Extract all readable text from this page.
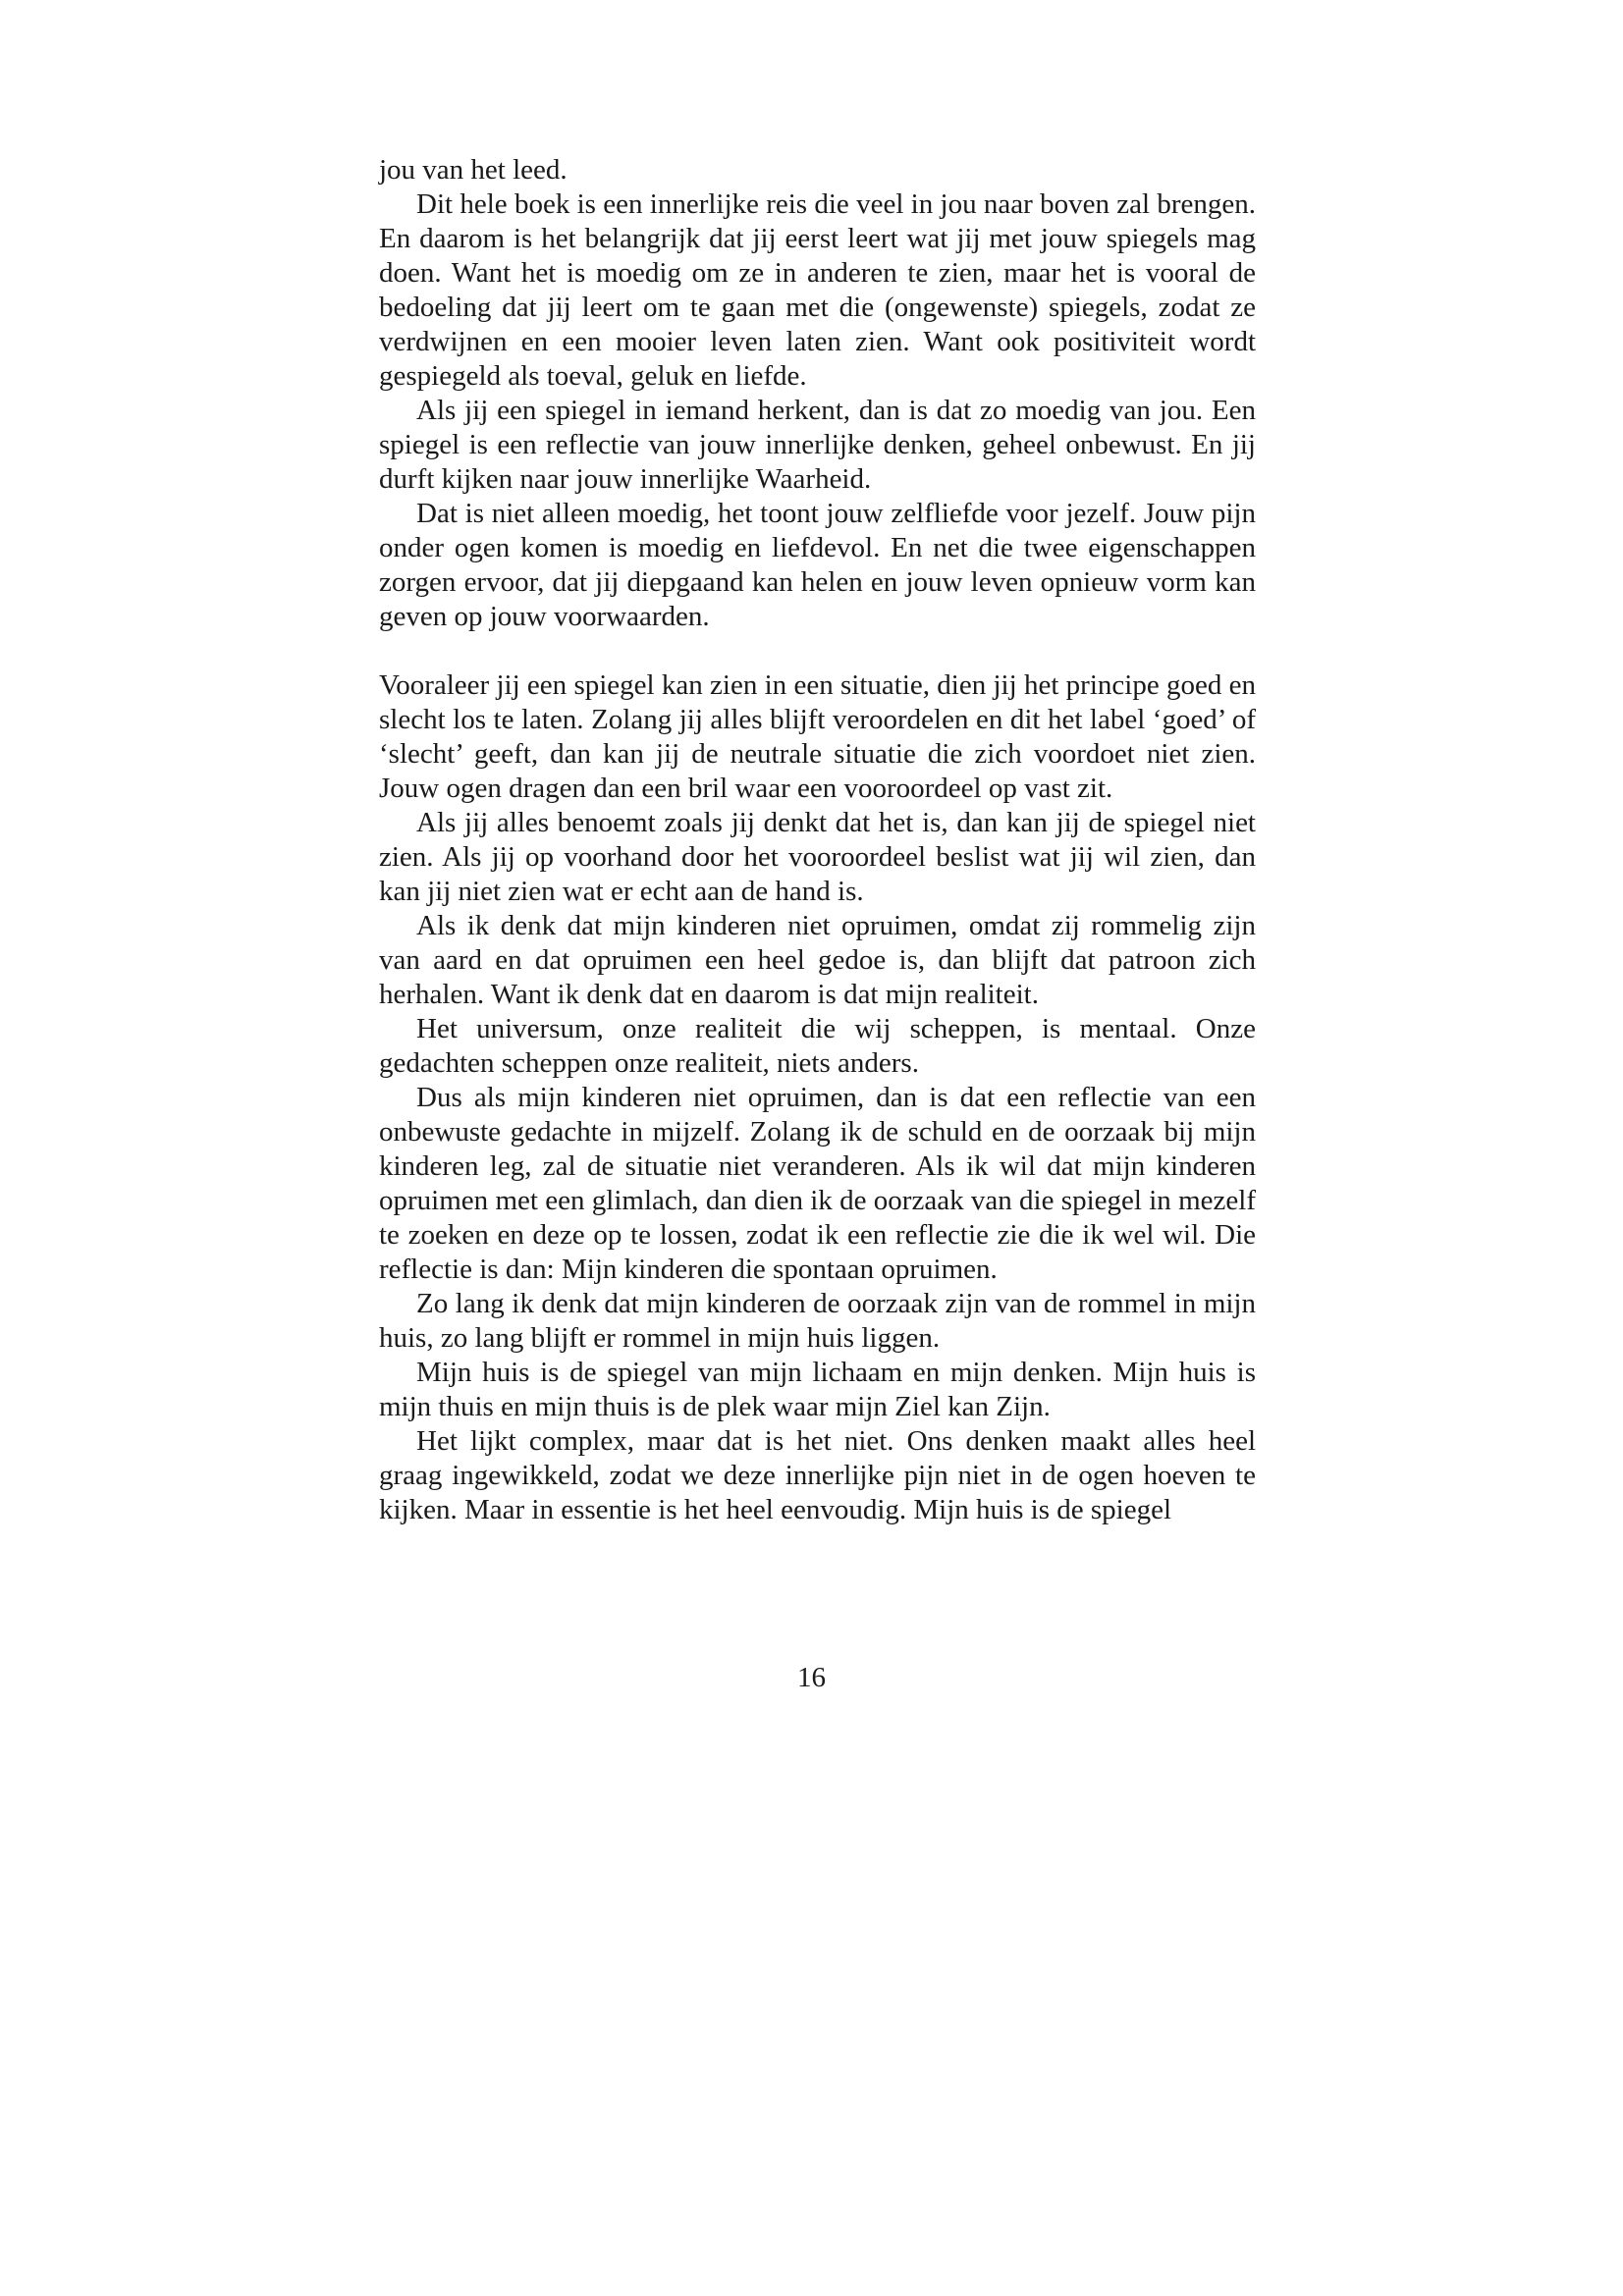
jou van het leed.

Dit hele boek is een innerlijke reis die veel in jou naar boven zal brengen. En daarom is het belangrijk dat jij eerst leert wat jij met jouw spiegels mag doen. Want het is moedig om ze in anderen te zien, maar het is vooral de bedoeling dat jij leert om te gaan met die (ongewenste) spiegels, zodat ze verdwijnen en een mooier leven laten zien. Want ook positiviteit wordt gespiegeld als toeval, geluk en liefde.

Als jij een spiegel in iemand herkent, dan is dat zo moedig van jou. Een spiegel is een reflectie van jouw innerlijke denken, geheel onbewust. En jij durft kijken naar jouw innerlijke Waarheid.

Dat is niet alleen moedig, het toont jouw zelfliefde voor jezelf. Jouw pijn onder ogen komen is moedig en liefdevol. En net die twee eigenschappen zorgen ervoor, dat jij diepgaand kan helen en jouw leven opnieuw vorm kan geven op jouw voorwaarden.

Vooraleer jij een spiegel kan zien in een situatie, dien jij het principe goed en slecht los te laten. Zolang jij alles blijft veroordelen en dit het label ‘goed’ of ‘slecht’ geeft, dan kan jij de neutrale situatie die zich voordoet niet zien. Jouw ogen dragen dan een bril waar een vooroordeel op vast zit.

Als jij alles benoemt zoals jij denkt dat het is, dan kan jij de spiegel niet zien. Als jij op voorhand door het vooroordeel beslist wat jij wil zien, dan kan jij niet zien wat er echt aan de hand is.

Als ik denk dat mijn kinderen niet opruimen, omdat zij rommelig zijn van aard en dat opruimen een heel gedoe is, dan blijft dat patroon zich herhalen. Want ik denk dat en daarom is dat mijn realiteit.

Het universum, onze realiteit die wij scheppen, is mentaal. Onze gedachten scheppen onze realiteit, niets anders.

Dus als mijn kinderen niet opruimen, dan is dat een reflectie van een onbewuste gedachte in mijzelf. Zolang ik de schuld en de oorzaak bij mijn kinderen leg, zal de situatie niet veranderen. Als ik wil dat mijn kinderen opruimen met een glimlach, dan dien ik de oorzaak van die spiegel in mezelf te zoeken en deze op te lossen, zodat ik een reflectie zie die ik wel wil. Die reflectie is dan: Mijn kinderen die spontaan opruimen.

Zo lang ik denk dat mijn kinderen de oorzaak zijn van de rommel in mijn huis, zo lang blijft er rommel in mijn huis liggen.

Mijn huis is de spiegel van mijn lichaam en mijn denken. Mijn huis is mijn thuis en mijn thuis is de plek waar mijn Ziel kan Zijn.

Het lijkt complex, maar dat is het niet. Ons denken maakt alles heel graag ingewikkeld, zodat we deze innerlijke pijn niet in de ogen hoeven te kijken. Maar in essentie is het heel eenvoudig. Mijn huis is de spiegel

16
